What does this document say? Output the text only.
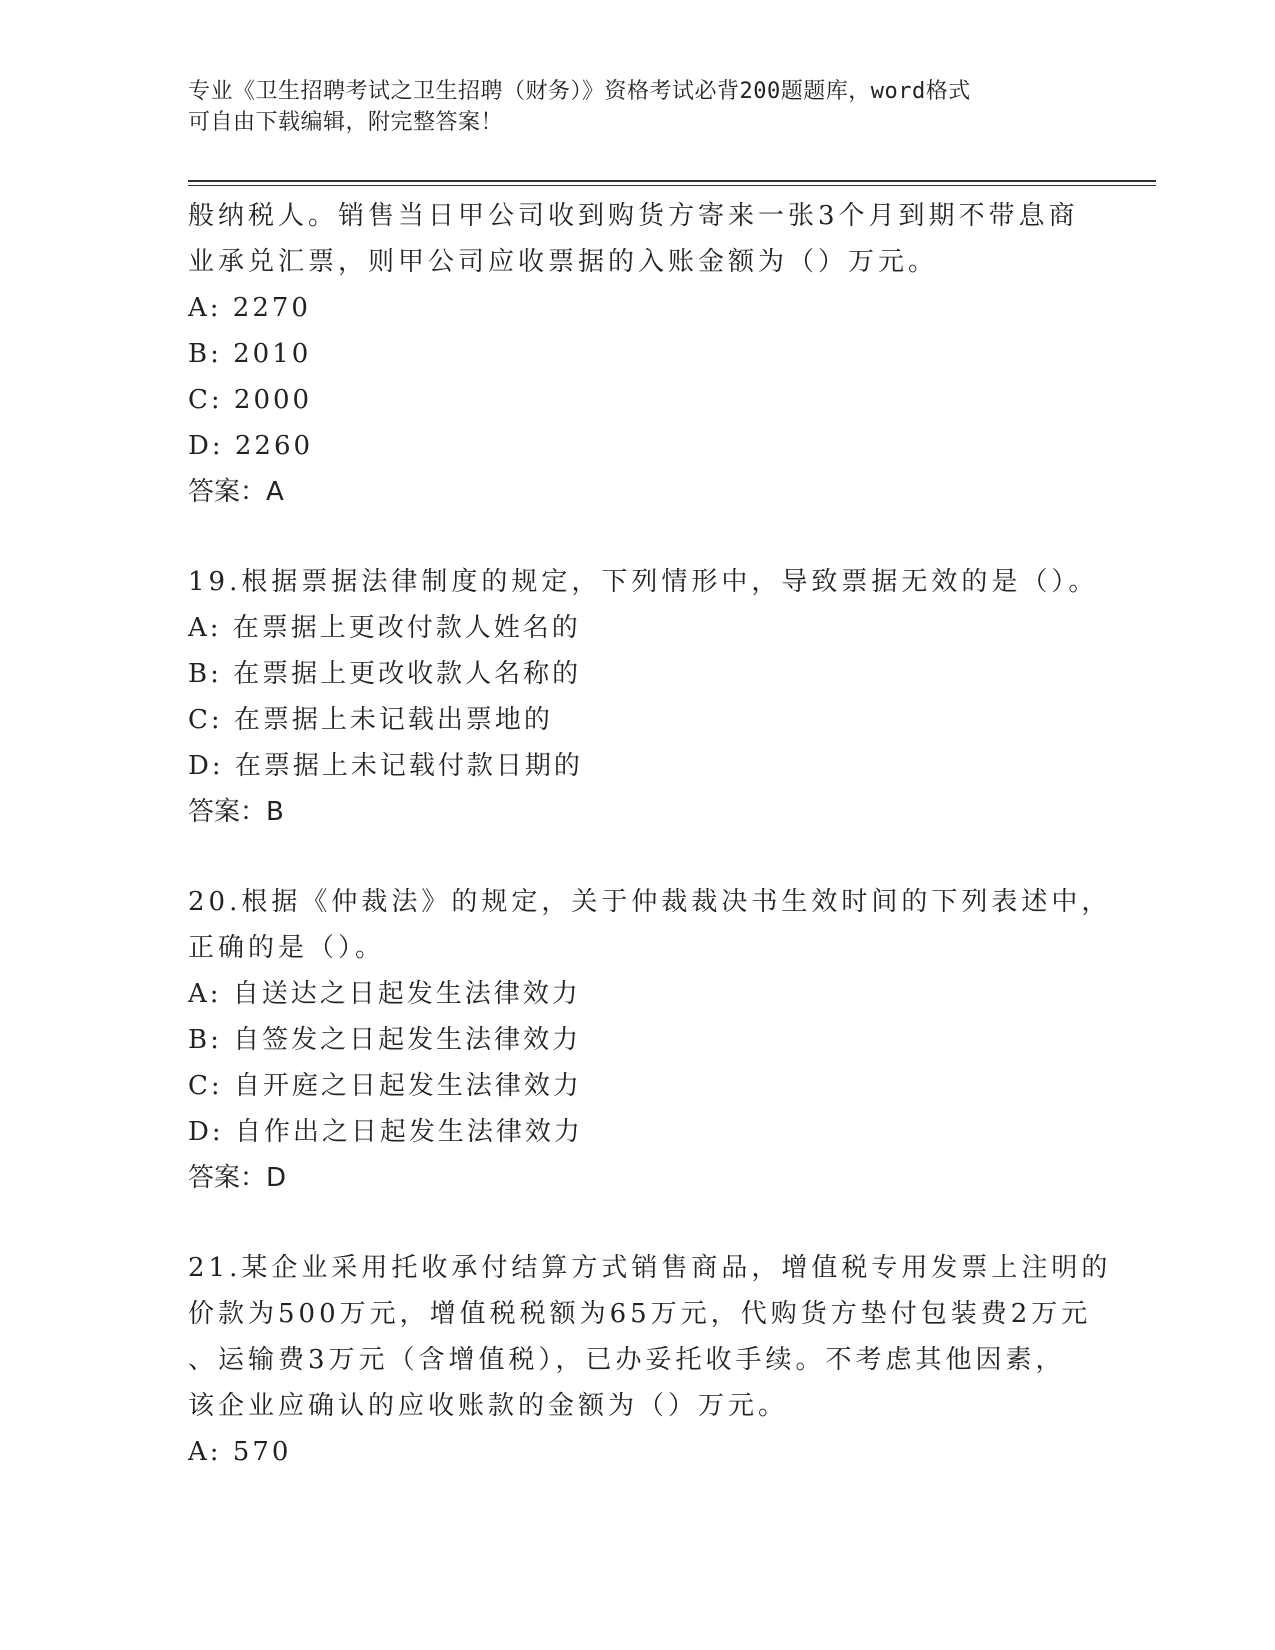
专业《卫生招聘考试之卫生招聘（财务）》资格考试必背200题题库，word格式
可自由下载编辑，附完整答案！
般纳税人。销售当日甲公司收到购货方寄来一张3个月到期不带息商
业承兑汇票，则甲公司应收票据的入账金额为（）万元。
A: 2270
B: 2010
C: 2000
D: 2260
答案：A
19.根据票据法律制度的规定，下列情形中，导致票据无效的是（）。
A: 在票据上更改付款人姓名的
B: 在票据上更改收款人名称的
C: 在票据上未记载出票地的
D: 在票据上未记载付款日期的
答案：B
20.根据《仲裁法》的规定，关于仲裁裁决书生效时间的下列表述中，
正确的是（）。
A: 自送达之日起发生法律效力
B: 自签发之日起发生法律效力
C: 自开庭之日起发生法律效力
D: 自作出之日起发生法律效力
答案：D
21.某企业采用托收承付结算方式销售商品，增值税专用发票上注明的
价款为500万元，增值税税额为65万元，代购货方垫付包装费2万元
、运输费3万元（含增值税），已办妥托收手续。不考虑其他因素，
该企业应确认的应收账款的金额为（）万元。
A: 570
